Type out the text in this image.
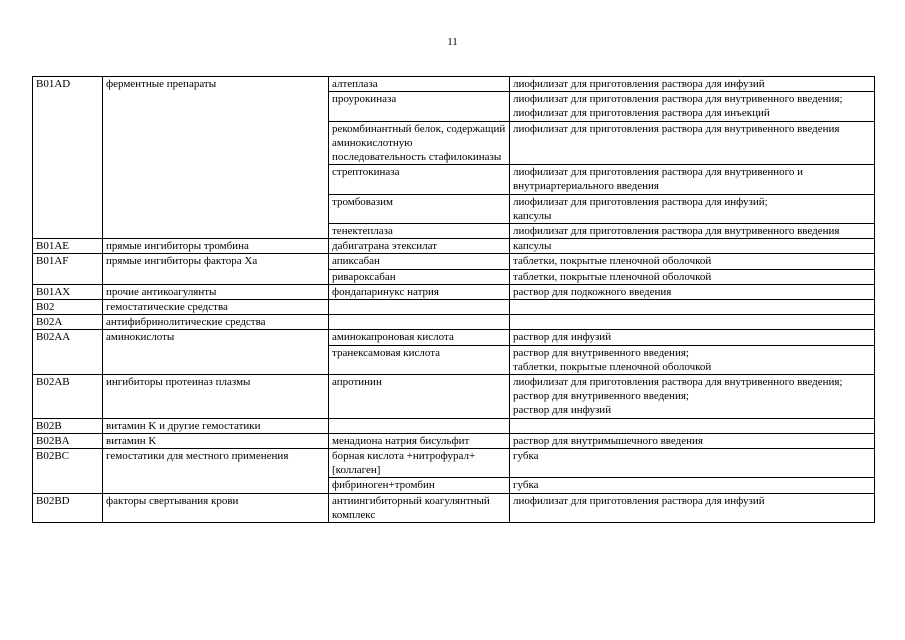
11
B01AD	ферментные препараты	алтеплаза	лиофилизат для приготовления раствора для инфузий
		проурокиназа	лиофилизат для приготовления раствора для внутривенного введения;
лиофилизат для приготовления раствора для инъекций
		рекомбинантный белок, содержащий аминокислотную последовательность стафилокиназы	лиофилизат для приготовления раствора для внутривенного введения
		стрептокиназа	лиофилизат для приготовления раствора для внутривенного и внутриартериального введения
		тромбовазим	лиофилизат для приготовления раствора для инфузий;
капсулы
		тенектеплаза	лиофилизат для приготовления раствора для внутривенного введения
B01AE	прямые ингибиторы тромбина	дабигатрана этексилат	капсулы
B01AF	прямые ингибиторы фактора Xa	апиксабан	таблетки, покрытые пленочной оболочкой
		ривароксабан	таблетки, покрытые пленочной оболочкой
B01AX	прочие антикоагулянты	фондапаринукс натрия	раствор для подкожного введения
B02	гемостатические средства		
B02A	антифибринолитические средства		
B02AA	аминокислоты	аминокапроновая кислота	раствор для инфузий
		транексамовая кислота	раствор для внутривенного введения;
таблетки, покрытые пленочной оболочкой
B02AB	ингибиторы протеиназ плазмы	апротинин	лиофилизат для приготовления раствора для внутривенного введения;
раствор для внутривенного введения;
раствор для инфузий
B02B	витамин K и другие гемостатики		
B02BA	витамин K	менадиона натрия бисульфит	раствор для внутримышечного введения
B02BC	гемостатики для местного применения	борная кислота +нитрофурал+[коллаген]	губка
		фибриноген+тромбин	губка
B02BD	факторы свертывания крови	антиингибиторный коагулянтный комплекс	лиофилизат для приготовления раствора для инфузий
